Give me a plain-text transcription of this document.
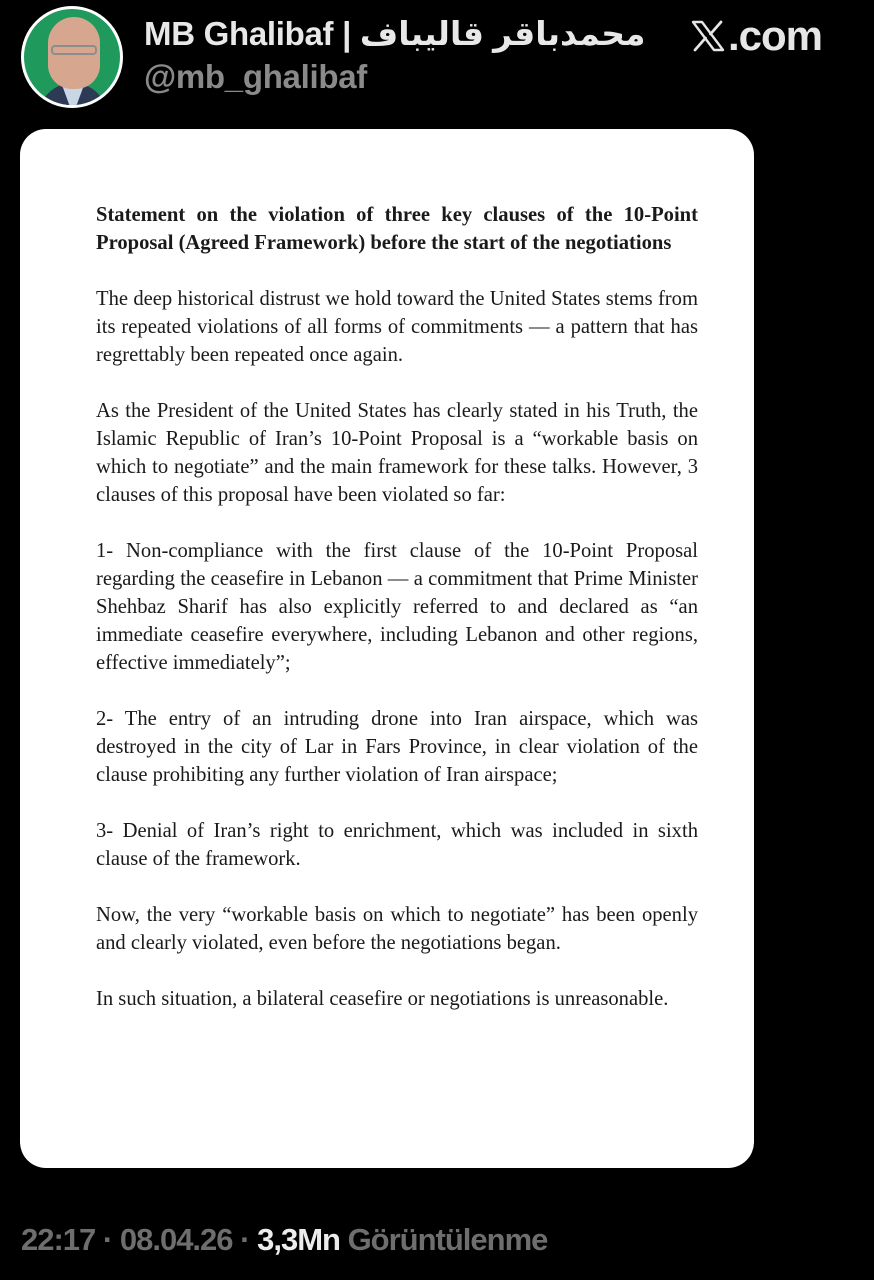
MB Ghalibaf | محمدباقر قالیباف
@mb_ghalibaf
.com
Statement on the violation of three key clauses of the 10-Point Proposal (Agreed Framework) before the start of the negotiations

The deep historical distrust we hold toward the United States stems from its repeated violations of all forms of commitments — a pattern that has regrettably been repeated once again.

As the President of the United States has clearly stated in his Truth, the Islamic Republic of Iran’s 10-Point Proposal is a “workable basis on which to negotiate” and the main framework for these talks. However, 3 clauses of this proposal have been violated so far:

1- Non-compliance with the first clause of the 10-Point Proposal regarding the ceasefire in Lebanon — a commitment that Prime Minister Shehbaz Sharif has also explicitly referred to and declared as “an immediate ceasefire everywhere, including Lebanon and other regions, effective immediately”;

2- The entry of an intruding drone into Iran airspace, which was destroyed in the city of Lar in Fars Province, in clear violation of the clause prohibiting any further violation of Iran airspace;

3- Denial of Iran’s right to enrichment, which was included in sixth clause of the framework.

Now, the very “workable basis on which to negotiate” has been openly and clearly violated, even before the negotiations began.

In such situation, a bilateral ceasefire or negotiations is unreasonable.

22:17 · 08.04.26 · 3,3Mn Görüntülenme
